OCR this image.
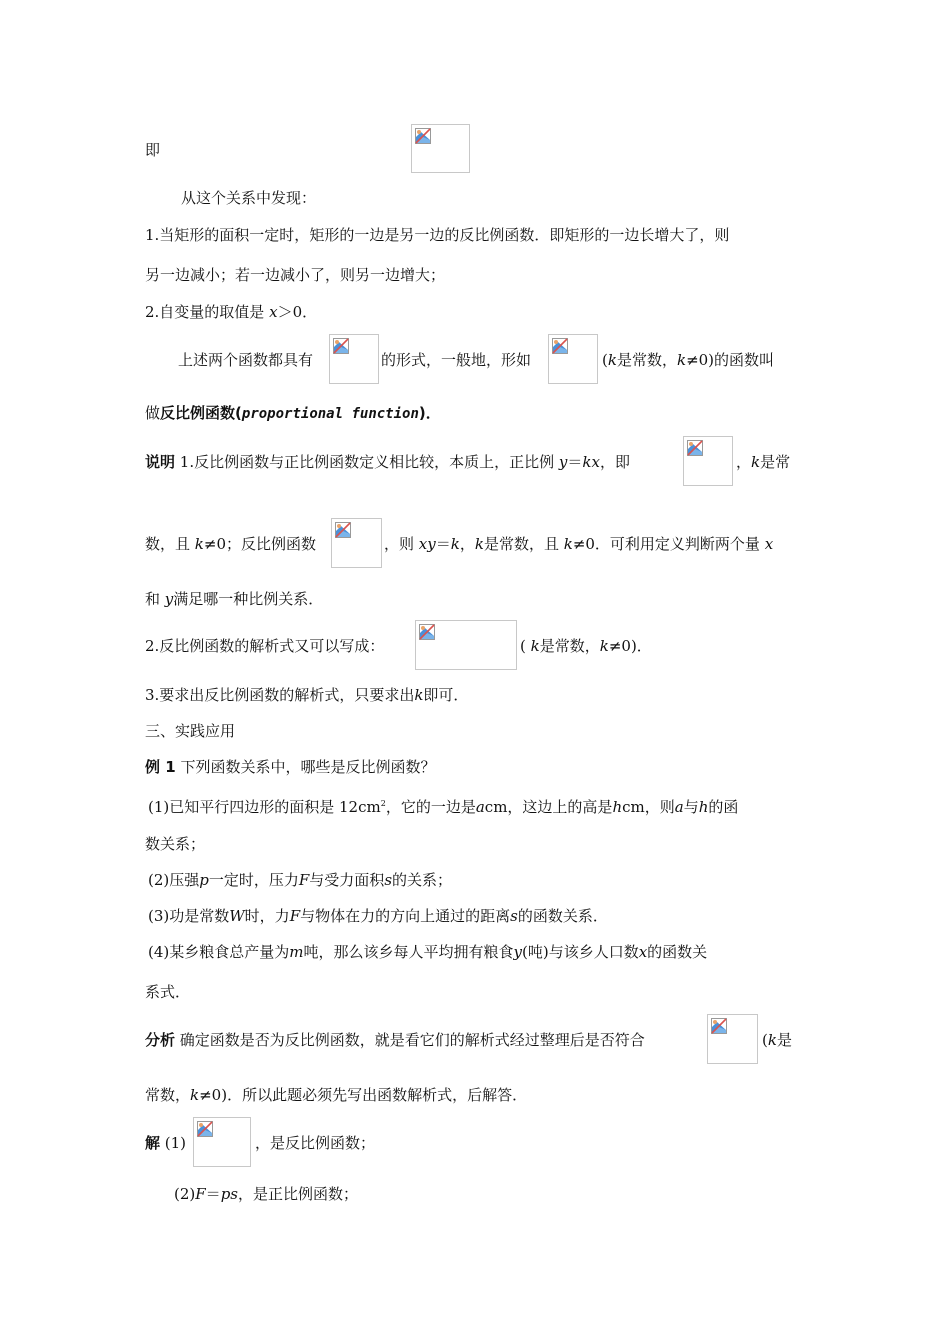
即
从这个关系中发现：
1.当矩形的面积一定时，矩形的一边是另一边的反比例函数．即矩形的一边长增大了，则
另一边减小；若一边减小了，则另一边增大；
2.自变量的取值是 x＞0．
上述两个函数都具有	的形式，一般地，形如	(k是常数，k≠0)的函数叫
做反比例函数(proportional function)．
说明 1.反比例函数与正比例函数定义相比较，本质上，正比例 y＝kx，即	，k是常
数，且 k≠0；反比例函数	，则 xy＝k，k是常数，且 k≠0．可利用定义判断两个量 x
和 y满足哪一种比例关系．
2.反比例函数的解析式又可以写成：	( k是常数，k≠0)．
3.要求出反比例函数的解析式，只要求出k即可．
三、实践应用
例 1 下列函数关系中，哪些是反比例函数？
(1)已知平行四边形的面积是 $12cm^2$，它的一边是acm，这边上的高是hcm，则a与h的函
数关系；
(2)压强p一定时，压力F与受力面积s的关系；
(3)功是常数W时，力F与物体在力的方向上通过的距离s的函数关系．
(4)某乡粮食总产量为m吨，那么该乡每人平均拥有粮食y(吨)与该乡人口数x的函数关
系式．
分析 确定函数是否为反比例函数，就是看它们的解析式经过整理后是否符合	(k是
常数，k≠0)．所以此题必须先写出函数解析式，后解答．
解 (1)	，是反比例函数；
(2)F＝ps，是正比例函数；
